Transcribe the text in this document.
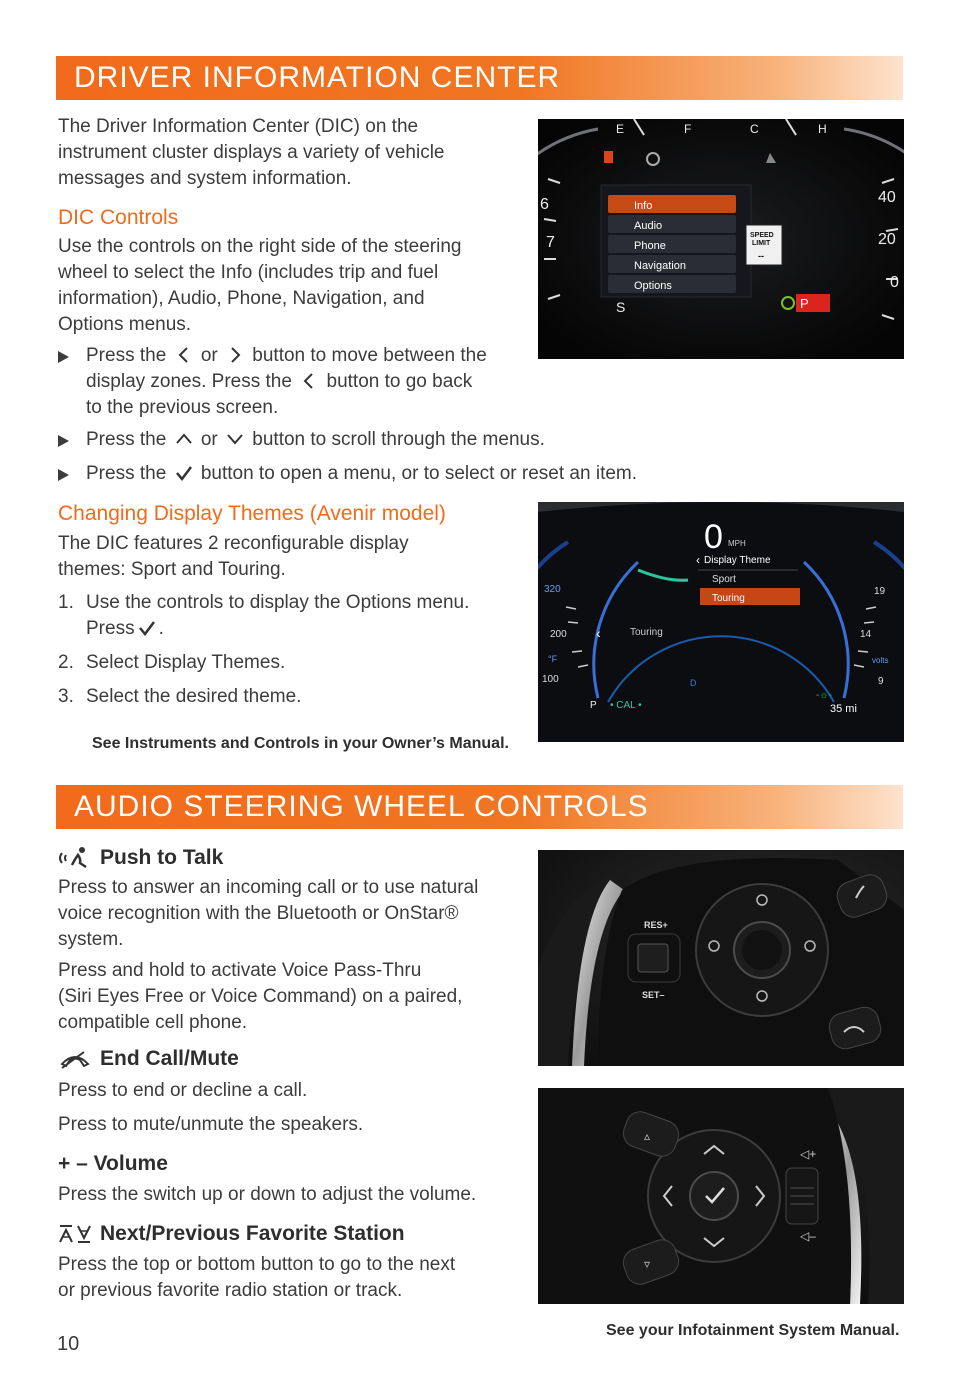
DRIVER INFORMATION CENTER
The Driver Information Center (DIC) on the
instrument cluster displays a variety of vehicle
messages and system information.
DIC Controls
Use the controls on the right side of the steering
wheel to select the Info (includes trip and fuel
information), Audio, Phone, Navigation, and
Options menus.
Press the or button to move between the
display zones. Press the button to go back
to the previous screen.
Press the or button to scroll through the menus.
Press the button to open a menu, or to select or reset an item.
Changing Display Themes (Avenir model)
The DIC features 2 reconfigurable display
themes: Sport and Touring.
1. Use the controls to display the Options menu.
Press .
2. Select Display Themes.
3. Select the desired theme.
See Instruments and Controls in your Owner’s Manual.
6
7
40
20
0
E	F	C	H
Info
Audio
Phone
Navigation
Options
SPEED
LIMIT
--
S	P
0 MPH
‹ Display Theme
Sport
Touring
‹	Touring
320
200
°F
100
19
14
volts
9
D
P • CAL •
-☼-
35 mi
AUDIO STEERING WHEEL CONTROLS
Push to Talk
Press to answer an incoming call or to use natural
voice recognition with the Bluetooth or OnStar®
system.
Press and hold to activate Voice Pass-Thru
(Siri Eyes Free or Voice Command) on a paired,
compatible cell phone.
End Call/Mute
Press to end or decline a call.
Press to mute/unmute the speakers.
+ – Volume
Press the switch up or down to adjust the volume.
Next/Previous Favorite Station
Press the top or bottom button to go to the next
or previous favorite radio station or track.
RES+
SET–
◁+
◁–
▵
▿
See your Infotainment System Manual.
10
